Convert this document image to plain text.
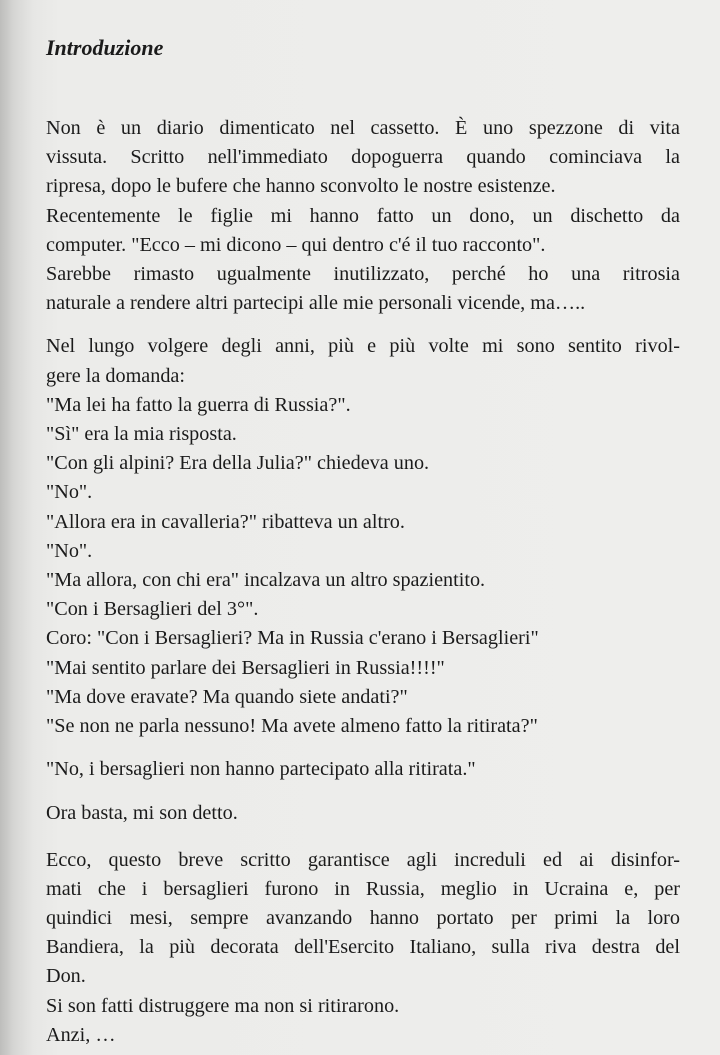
Introduzione
Non è un diario dimenticato nel cassetto. È uno spezzone di vita
vissuta. Scritto nell'immediato dopoguerra quando cominciava la
ripresa, dopo le bufere che hanno sconvolto le nostre esistenze.
Recentemente le figlie mi hanno fatto un dono, un dischetto da
computer. "Ecco – mi dicono – qui dentro c'é il tuo racconto".
Sarebbe rimasto ugualmente inutilizzato, perché ho una ritrosia
naturale a rendere altri partecipi alle mie personali vicende, ma…..
Nel lungo volgere degli anni, più e più volte mi sono sentito rivol-
gere la domanda:
"Ma lei ha fatto la guerra di Russia?".
"Sì" era la mia risposta.
"Con gli alpini? Era della Julia?" chiedeva uno.
"No".
"Allora era in cavalleria?" ribatteva un altro.
"No".
"Ma allora, con chi era" incalzava un altro spazientito.
"Con i Bersaglieri del 3°".
Coro: "Con i Bersaglieri? Ma in Russia c'erano i Bersaglieri"
"Mai sentito parlare dei Bersaglieri in Russia!!!!"
"Ma dove eravate? Ma quando siete andati?"
"Se non ne parla nessuno! Ma avete almeno fatto la ritirata?"
"No, i bersaglieri non hanno partecipato alla ritirata."
Ora basta, mi son detto.
Ecco, questo breve scritto garantisce agli increduli ed ai disinfor-
mati che i bersaglieri furono in Russia, meglio in Ucraina e, per
quindici mesi, sempre avanzando hanno portato per primi la loro
Bandiera, la più decorata dell'Esercito Italiano, sulla riva destra del
Don.
Si son fatti distruggere ma non si ritirarono.
Anzi, …
